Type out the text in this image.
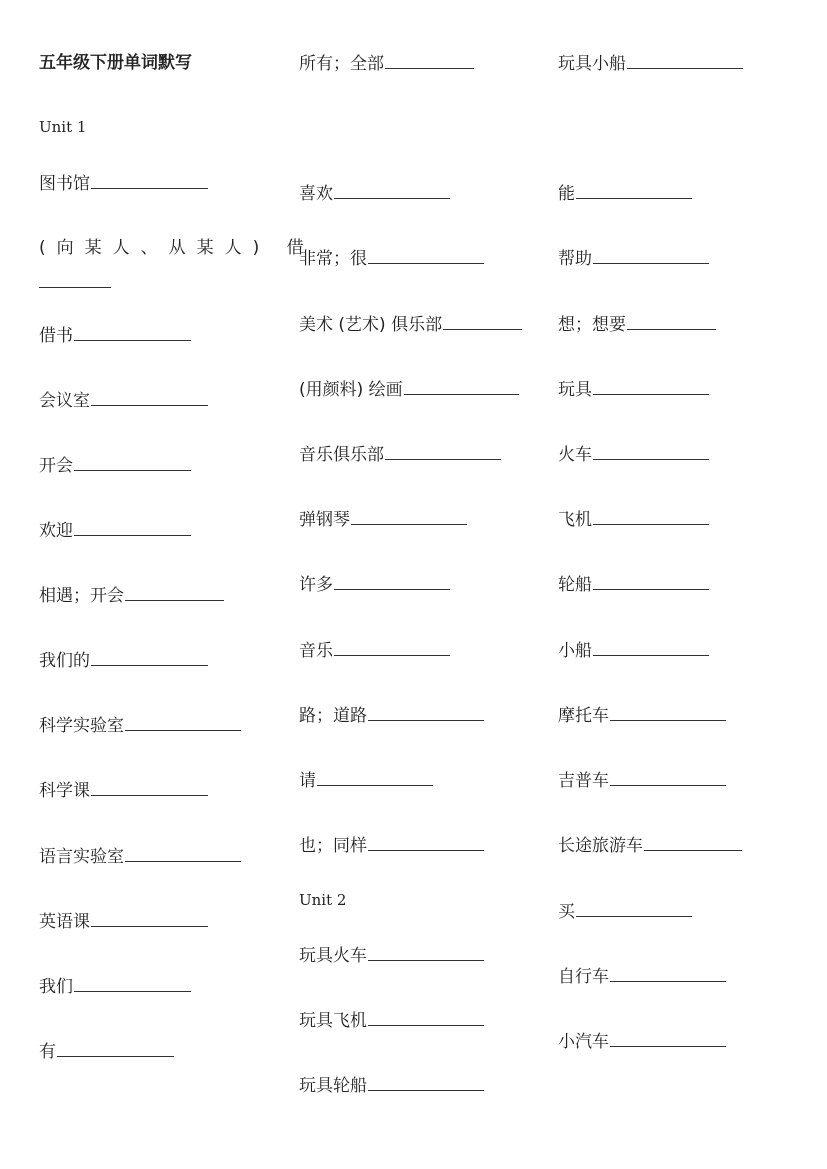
五年级下册单词默写
Unit 1
图书馆
(向某人、从某人) 借
借书
会议室
开会
欢迎
相遇；开会
我们的
科学实验室
科学课
语言实验室
英语课
我们
有
所有；全部
喜欢
非常；很
美术 (艺术) 俱乐部
(用颜料) 绘画
音乐俱乐部
弹钢琴
许多
音乐
路；道路
请
也；同样
Unit 2
玩具火车
玩具飞机
玩具轮船
玩具小船
能
帮助
想；想要
玩具
火车
飞机
轮船
小船
摩托车
吉普车
长途旅游车
买
自行车
小汽车
